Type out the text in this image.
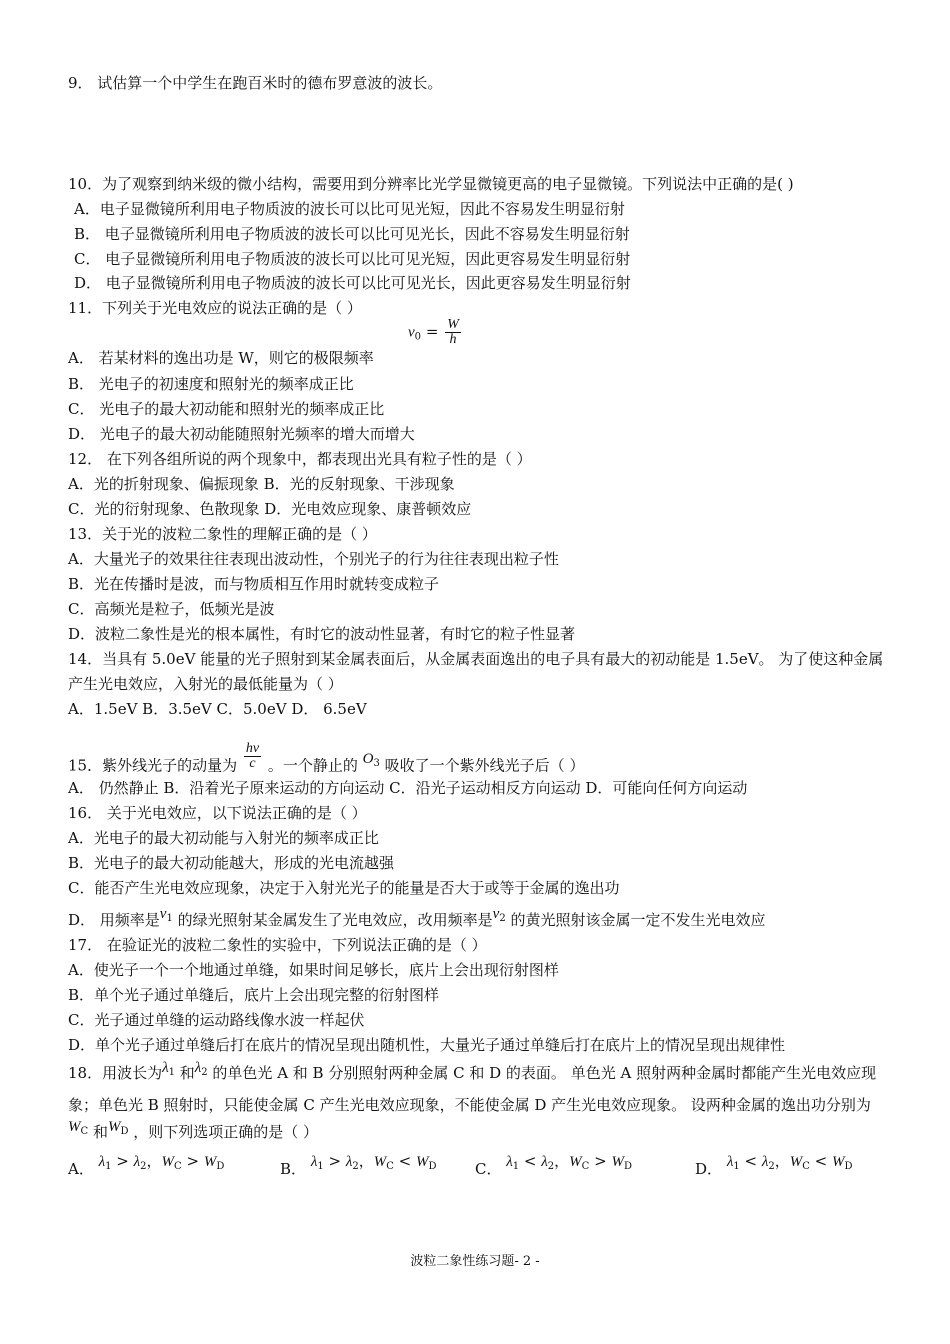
9． 试估算一个中学生在跑百米时的德布罗意波的波长。
10．为了观察到纳米级的微小结构，需要用到分辨率比光学显微镜更高的电子显微镜。下列说法中正确的是( )
A．电子显微镜所利用电子物质波的波长可以比可见光短，因此不容易发生明显衍射
B． 电子显微镜所利用电子物质波的波长可以比可见光长，因此不容易发生明显衍射
C． 电子显微镜所利用电子物质波的波长可以比可见光短，因此更容易发生明显衍射
D． 电子显微镜所利用电子物质波的波长可以比可见光长，因此更容易发生明显衍射
11．下列关于光电效应的说法正确的是（ ）
A． 若某材料的逸出功是 W，则它的极限频率
$\nu_0 = \frac{W}{h}$
B． 光电子的初速度和照射光的频率成正比
C． 光电子的最大初动能和照射光的频率成正比
D． 光电子的最大初动能随照射光频率的增大而增大
12． 在下列各组所说的两个现象中，都表现出光具有粒子性的是（ ）
A．光的折射现象、偏振现象 B．光的反射现象、干涉现象
C．光的衍射现象、色散现象 D．光电效应现象、康普顿效应
13．关于光的波粒二象性的理解正确的是（ ）
A．大量光子的效果往往表现出波动性，个别光子的行为往往表现出粒子性
B．光在传播时是波，而与物质相互作用时就转变成粒子
C．高频光是粒子，低频光是波
D．波粒二象性是光的根本属性，有时它的波动性显著，有时它的粒子性显著
14．当具有 5.0eV 能量的光子照射到某金属表面后，从金属表面逸出的电子具有最大的初动能是 1.5eV。 为了使这种金属产生光电效应，入射光的最低能量为（ ）
A．1.5eV B．3.5eV C．5.0eV D． 6.5eV
15．紫外线光子的动量为 $\frac{h\nu}{c}$ 。一个静止的 $O_3$ 吸收了一个紫外线光子后（ ）
A． 仍然静止 B．沿着光子原来运动的方向运动 C．沿光子运动相反方向运动 D．可能向任何方向运动
16． 关于光电效应，以下说法正确的是（ ）
A．光电子的最大初动能与入射光的频率成正比
B．光电子的最大初动能越大，形成的光电流越强
C．能否产生光电效应现象，决定于入射光光子的能量是否大于或等于金属的逸出功
D． 用频率是$\nu_1$ 的绿光照射某金属发生了光电效应，改用频率是$\nu_2$ 的黄光照射该金属一定不发生光电效应
17． 在验证光的波粒二象性的实验中，下列说法正确的是（ ）
A．使光子一个一个地通过单缝，如果时间足够长，底片上会出现衍射图样
B．单个光子通过单缝后，底片上会出现完整的衍射图样
C．光子通过单缝的运动路线像水波一样起伏
D．单个光子通过单缝后打在底片的情况呈现出随机性，大量光子通过单缝后打在底片上的情况呈现出规律性
18．用波长为$\lambda_1$ 和$\lambda_2$ 的单色光 A 和 B 分别照射两种金属 C 和 D 的表面。 单色光 A 照射两种金属时都能产生光电效应现象；单色光 B 照射时，只能使金属 C 产生光电效应现象，不能使金属 D 产生光电效应现象。 设两种金属的逸出功分别为$W_C$ 和$W_D$ ，则下列选项正确的是（ ）
A． $\lambda_1 > \lambda_2$，$W_C > W_D$	B． $\lambda_1 > \lambda_2$，$W_C < W_D$	C． $\lambda_1 < \lambda_2$，$W_C > W_D$	D． $\lambda_1 < \lambda_2$，$W_C < W_D$
波粒二象性练习题- 2 -
